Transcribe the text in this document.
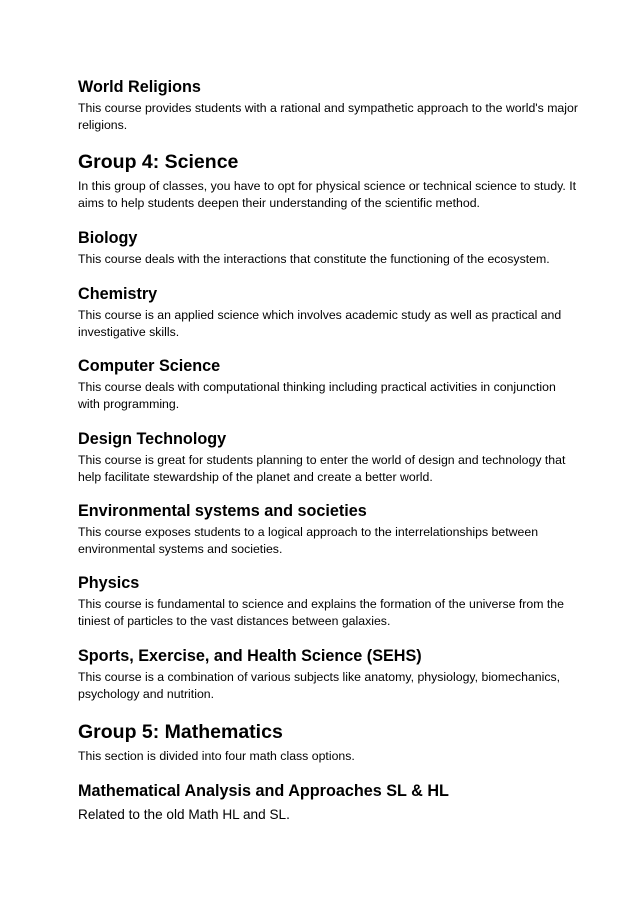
World Religions

This course provides students with a rational and sympathetic approach to the world's major religions.

Group 4: Science

In this group of classes, you have to opt for physical science or technical science to study. It aims to help students deepen their understanding of the scientific method.

Biology

This course deals with the interactions that constitute the functioning of the ecosystem.

Chemistry

This course is an applied science which involves academic study as well as practical and investigative skills.

Computer Science

This course deals with computational thinking including practical activities in conjunction with programming.

Design Technology

This course is great for students planning to enter the world of design and technology that help facilitate stewardship of the planet and create a better world.

Environmental systems and societies

This course exposes students to a logical approach to the interrelationships between environmental systems and societies.

Physics

This course is fundamental to science and explains the formation of the universe from the tiniest of particles to the vast distances between galaxies.

Sports, Exercise, and Health Science (SEHS)

This course is a combination of various subjects like anatomy, physiology, biomechanics, psychology and nutrition.

Group 5: Mathematics

This section is divided into four math class options.

Mathematical Analysis and Approaches SL & HL

Related to the old Math HL and SL.
